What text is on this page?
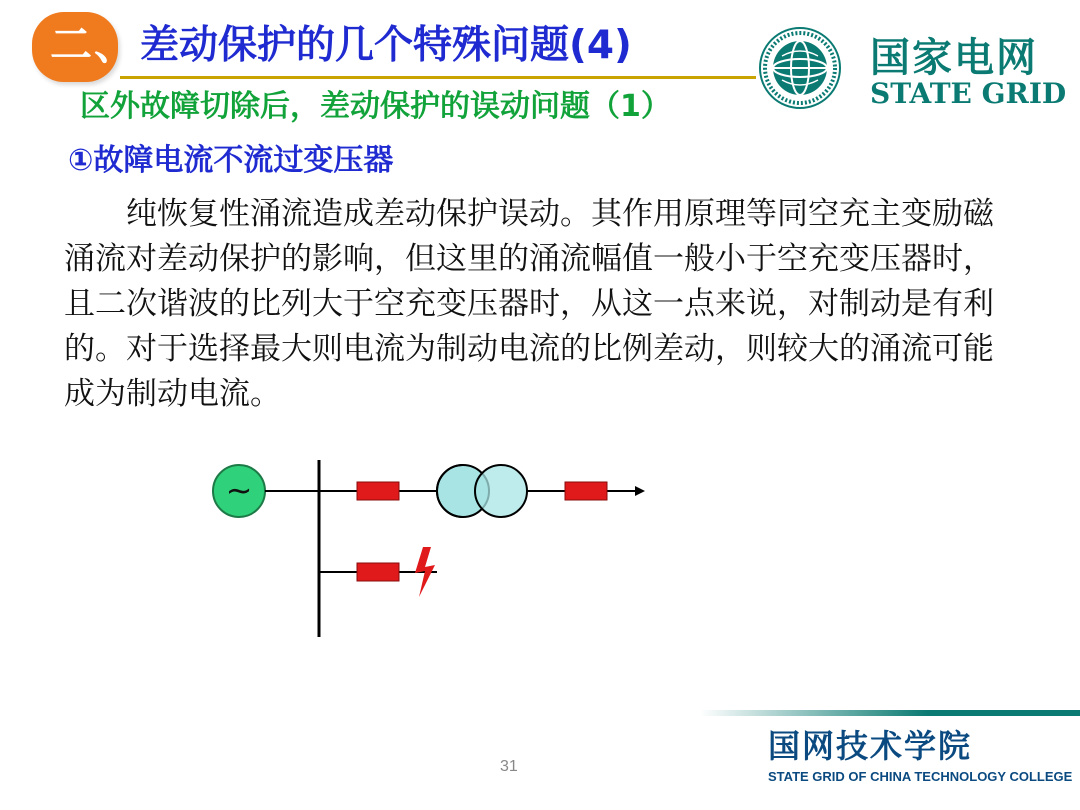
二、 差动保护的几个特殊问题(4)
区外故障切除后，差动保护的误动问题（1）
国家电网
STATE GRID
①故障电流不流过变压器

纯恢复性涌流造成差动保护误动。其作用原理等同空充主变励磁涌流对差动保护的影响，但这里的涌流幅值一般小于空充变压器时，且二次谐波的比列大于空充变压器时，从这一点来说，对制动是有利的。对于选择最大则电流为制动电流的比例差动，则较大的涌流可能成为制动电流。

~
国网技术学院
STATE GRID OF CHINA TECHNOLOGY COLLEGE
31
